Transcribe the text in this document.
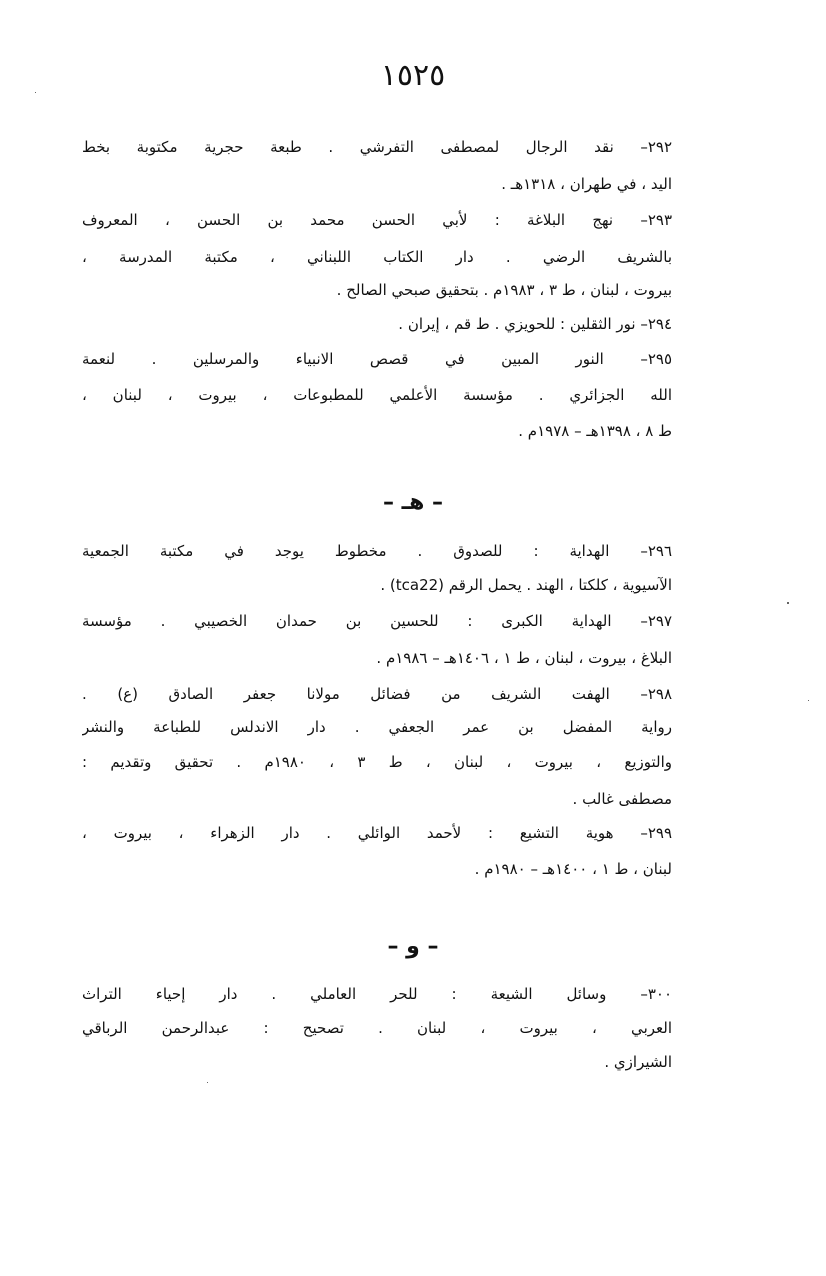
١٥٢٥
٢٩٢– نقد الرجال لمصطفى التفرشي . طبعة حجرية مكتوبة بخط
اليد ، في طهران ، ١٣١٨هـ .
٢٩٣– نهج البلاغة : لأبي الحسن محمد بن الحسن ، المعروف
بالشريف الرضي . دار الكتاب اللبناني ، مكتبة المدرسة ،
بيروت ، لبنان ، ط ٣ ، ١٩٨٣م . بتحقيق صبحي الصالح .
٢٩٤– نور الثقلين : للحويزي . ط قم ، إيران .
٢٩٥– النور المبين في قصص الانبياء والمرسلين . لنعمة
الله الجزائري . مؤسسة الأعلمي للمطبوعات ، بيروت ، لبنان ،
ط ٨ ، ١٣٩٨هـ – ١٩٧٨م .
– هـ –
٢٩٦– الهداية : للصدوق . مخطوط يوجد في مكتبة الجمعية
الآسيوية ، كلكتا ، الهند . يحمل الرقم (tca22) .
٢٩٧– الهداية الكبرى : للحسين بن حمدان الخصيبي . مؤسسة
البلاغ ، بيروت ، لبنان ، ط ١ ، ١٤٠٦هـ – ١٩٨٦م .
٢٩٨– الهفت الشريف من فضائل مولانا جعفر الصادق (ع) .
رواية المفضل بن عمر الجعفي . دار الاندلس للطباعة والنشر
والتوزيع ، بيروت ، لبنان ، ط ٣ ، ١٩٨٠م . تحقيق وتقديم :
مصطفى غالب .
٢٩٩– هوية التشيع : لأحمد الوائلي . دار الزهراء ، بيروت ،
لبنان ، ط ١ ، ١٤٠٠هـ – ١٩٨٠م .
– و –
٣٠٠– وسائل الشيعة : للحر العاملي . دار إحياء التراث
العربي ، بيروت ، لبنان . تصحيح : عبدالرحمن الرباقي
الشيرازي .
